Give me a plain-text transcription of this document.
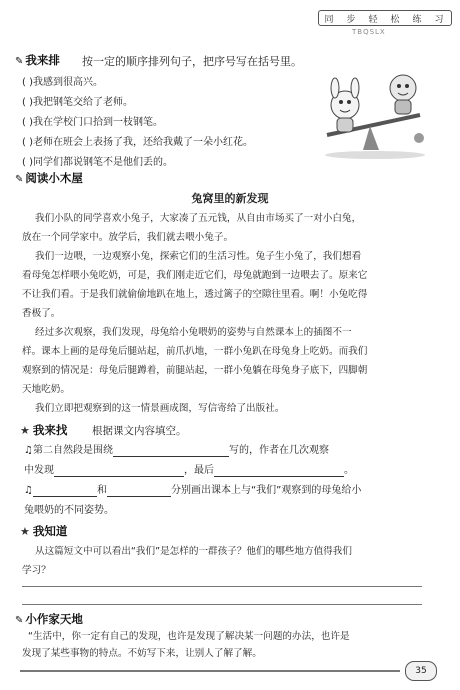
同 步 轻 松 练 习
TBQSLX
✎ 我来排 按一定的顺序排列句子，把序号写在括号里。
( )我感到很高兴。
( )我把钢笔交给了老师。
( )我在学校门口拾到一枝钢笔。
( )老师在班会上表扬了我，还给我戴了一朵小红花。
( )同学们都说钢笔不是他们丢的。
✎ 阅读小木屋
兔窝里的新发现
我们小队的同学喜欢小兔子，大家凑了五元钱，从自由市场买了一对小白兔，
放在一个同学家中。放学后，我们就去喂小兔子。
我们一边喂，一边观察小兔，探索它们的生活习性。兔子生小兔了，我们想看
看母兔怎样喂小兔吃奶，可是，我们刚走近它们，母兔就跑到一边喂去了。原来它
不让我们看。于是我们就偷偷地趴在地上，透过篱子的空隙往里看。啊！小兔吃得
香极了。
经过多次观察，我们发现，母兔给小兔喂奶的姿势与自然课本上的插图不一
样。课本上画的是母兔后腿站起，前爪扒地，一群小兔趴在母兔身上吃奶。而我们
观察到的情况是：母兔后腿蹲着，前腿站起，一群小兔躺在母兔身子底下，四脚朝
天地吃奶。
我们立即把观察到的这一情景画成图，写信寄给了出版社。
★ 我来找 根据课文内容填空。
♫第二自然段是围绕	写的，作者在几次观察
中发现	，最后	。
♫	和	分别画出课本上与“我们”观察到的母兔给小
兔喂奶的不同姿势。
★ 我知道
从这篇短文中可以看出“我们”是怎样的一群孩子？他们的哪些地方值得我们
学习？
✎ 小作家天地
“生活中，你一定有自己的发现，也许是发现了解决某一问题的办法，也许是
发现了某些事物的特点。不妨写下来，让别人了解了解。
35
